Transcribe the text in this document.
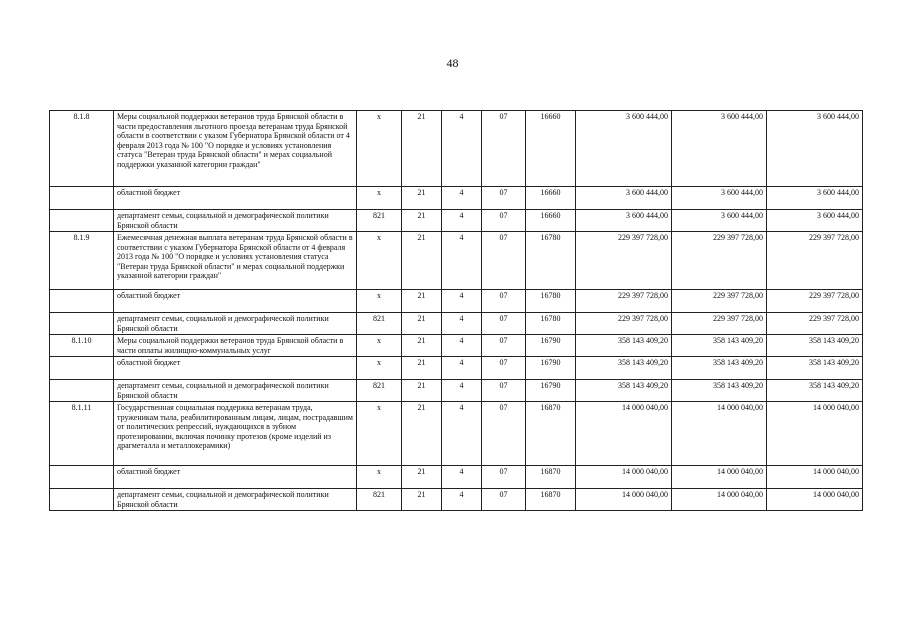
48
8.1.8	Меры социальной поддержки ветеранов труда Брянской области в части предоставления льготного проезда ветеранам труда Брянской области в соответствии с указом Губернатора Брянской области от 4 февраля 2013 года № 100 "О порядке и условиях установления статуса "Ветеран труда Брянской области" и мерах социальной поддержки указанной категории граждан"	x	21	4	07	16660	3 600 444,00	3 600 444,00	3 600 444,00
	областной бюджет	x	21	4	07	16660	3 600 444,00	3 600 444,00	3 600 444,00
	департамент семьи, социальной и демографической политики Брянской области	821	21	4	07	16660	3 600 444,00	3 600 444,00	3 600 444,00
8.1.9	Ежемесячная денежная выплата ветеранам труда Брянской области в соответствии с указом Губернатора Брянской области от 4 февраля 2013 года № 100 "О порядке и условиях установления статуса "Ветеран труда Брянской области" и мерах социальной поддержки указанной категории граждан"	x	21	4	07	16780	229 397 728,00	229 397 728,00	229 397 728,00
	областной бюджет	x	21	4	07	16780	229 397 728,00	229 397 728,00	229 397 728,00
	департамент семьи, социальной и демографической политики Брянской области	821	21	4	07	16780	229 397 728,00	229 397 728,00	229 397 728,00
8.1.10	Меры социальной поддержки ветеранов труда Брянской области в части оплаты жилищно-коммунальных услуг	x	21	4	07	16790	358 143 409,20	358 143 409,20	358 143 409,20
	областной бюджет	x	21	4	07	16790	358 143 409,20	358 143 409,20	358 143 409,20
	департамент семьи, социальной и демографической политики Брянской области	821	21	4	07	16790	358 143 409,20	358 143 409,20	358 143 409,20
8.1.11	Государственная социальная поддержка ветеранам труда, труженикам тыла, реабилитированным лицам, лицам, пострадавшим от политических репрессий, нуждающихся в зубном протезировании, включая починку протезов (кроме изделий из драгметалла и металлокерамики)	x	21	4	07	16870	14 000 040,00	14 000 040,00	14 000 040,00
	областной бюджет	x	21	4	07	16870	14 000 040,00	14 000 040,00	14 000 040,00
	департамент семьи, социальной и демографической политики Брянской области	821	21	4	07	16870	14 000 040,00	14 000 040,00	14 000 040,00
